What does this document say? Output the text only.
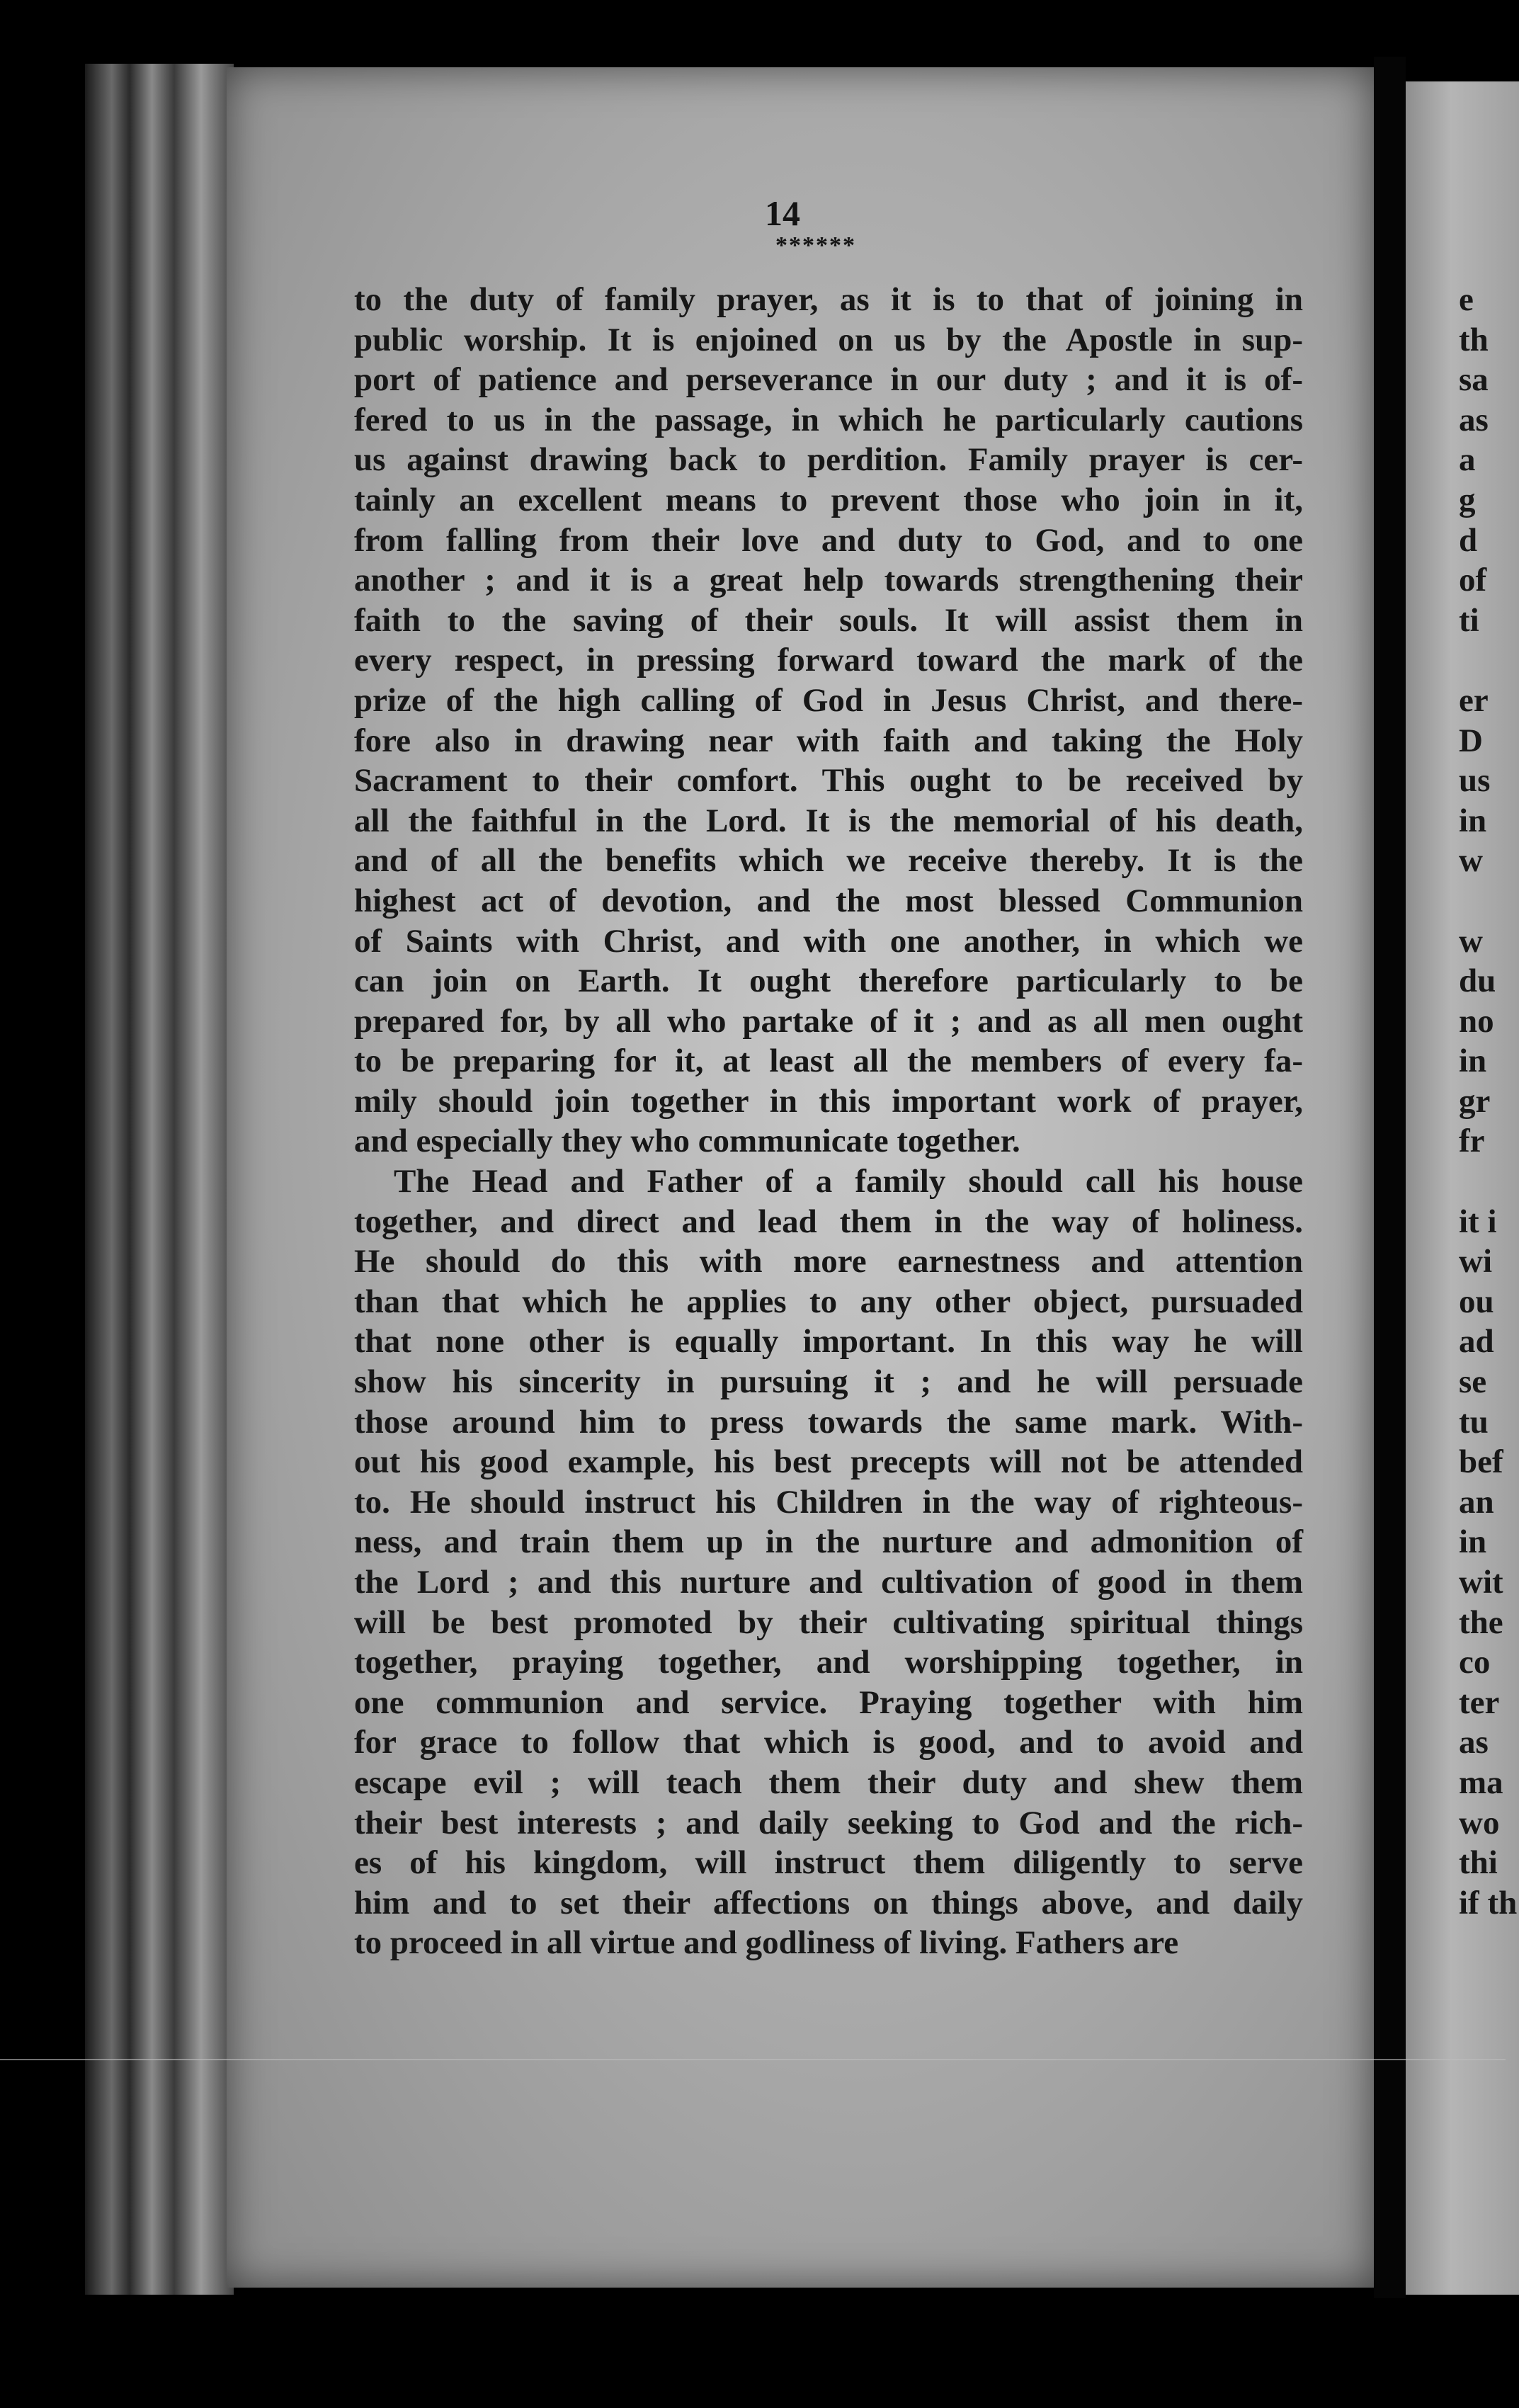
14
******
to the duty of family prayer, as it is to that of joining in
public worship. It is enjoined on us by the Apostle in sup-
port of patience and perseverance in our duty ; and it is of-
fered to us in the passage, in which he particularly cautions
us against drawing back to perdition. Family prayer is cer-
tainly an excellent means to prevent those who join in it,
from falling from their love and duty to God, and to one
another ; and it is a great help towards strengthening their
faith to the saving of their souls. It will assist them in
every respect, in pressing forward toward the mark of the
prize of the high calling of God in Jesus Christ, and there-
fore also in drawing near with faith and taking the Holy
Sacrament to their comfort. This ought to be received by
all the faithful in the Lord. It is the memorial of his death,
and of all the benefits which we receive thereby. It is the
highest act of devotion, and the most blessed Communion
of Saints with Christ, and with one another, in which we
can join on Earth. It ought therefore particularly to be
prepared for, by all who partake of it ; and as all men ought
to be preparing for it, at least all the members of every fa-
mily should join together in this important work of prayer,
and especially they who communicate together.
The Head and Father of a family should call his house
together, and direct and lead them in the way of holiness.
He should do this with more earnestness and attention
than that which he applies to any other object, pursuaded
that none other is equally important. In this way he will
show his sincerity in pursuing it ; and he will persuade
those around him to press towards the same mark. With-
out his good example, his best precepts will not be attended
to. He should instruct his Children in the way of righteous-
ness, and train them up in the nurture and admonition of
the Lord ; and this nurture and cultivation of good in them
will be best promoted by their cultivating spiritual things
together, praying together, and worshipping together, in
one communion and service. Praying together with him
for grace to follow that which is good, and to avoid and
escape evil ; will teach them their duty and shew them
their best interests ; and daily seeking to God and the rich-
es of his kingdom, will instruct them diligently to serve
him and to set their affections on things above, and daily
to proceed in all virtue and godliness of living. Fathers are
e
th
sa
as
a
g
d
of
ti
er
D
us
in
w
w
du
no
in
gr
fr
it i
wi
ou
ad
se
tu
bef
an
in
wit
the
co
ter
as
ma
wo
thi
if th
